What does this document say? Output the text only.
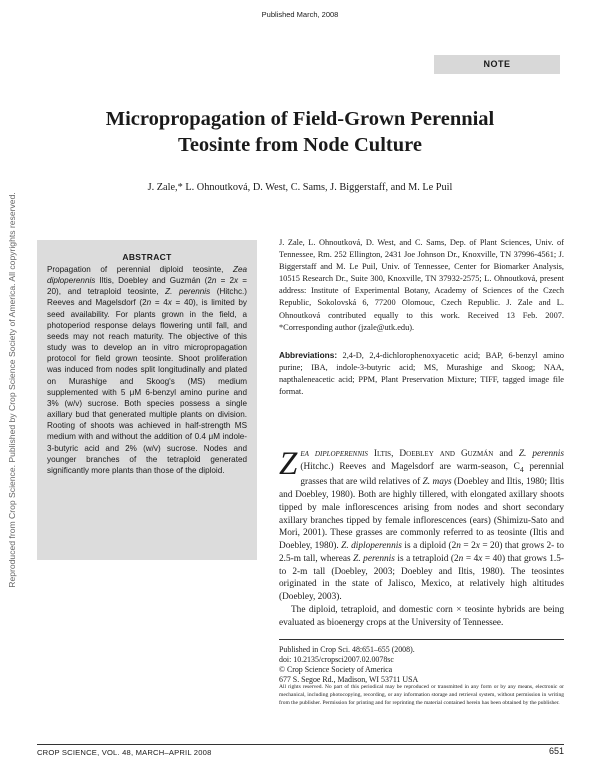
Published March, 2008
NOTE
Reproduced from Crop Science. Published by Crop Science Society of America. All copyrights reserved.
Micropropagation of Field-Grown Perennial
Teosinte from Node Culture
J. Zale,* L. Ohnoutková, D. West, C. Sams, J. Biggerstaff, and M. Le Puil
ABSTRACT
Propagation of perennial diploid teosinte, Zea diploperennis Iltis, Doebley and Guzmán (2n = 2x = 20), and tetraploid teosinte, Z. perennis (Hitchc.) Reeves and Magelsdorf (2n = 4x = 40), is limited by seed availability. For plants grown in the field, a photoperiod response delays flowering until fall, and seeds may not reach maturity. The objective of this study was to develop an in vitro micropropagation protocol for field grown teosinte. Shoot proliferation was induced from nodes split longitudinally and plated on Murashige and Skoog's (MS) medium supplemented with 5 μM 6-benzyl amino purine and 3% (w/v) sucrose. Both species possess a single axillary bud that generated multiple plants on division. Rooting of shoots was achieved in half-strength MS medium with and without the addition of 0.4 μM indole-3-butyric acid and 2% (w/v) sucrose. Nodes and younger branches of the tetraploid generated significantly more plants than those of the diploid.
J. Zale, L. Ohnoutková, D. West, and C. Sams, Dep. of Plant Sciences, Univ. of Tennessee, Rm. 252 Ellington, 2431 Joe Johnson Dr., Knoxville, TN 37996-4561; J. Biggerstaff and M. Le Puil, Univ. of Tennessee, Center for Biomarker Analysis, 10515 Research Dr., Suite 300, Knoxville, TN 37932-2575; L. Ohnoutková, present address: Institute of Experimental Botany, Academy of Sciences of the Czech Republic, Sokolovská 6, 77200 Olomouc, Czech Republic. J. Zale and L. Ohnoutková contributed equally to this work. Received 13 Feb. 2007. *Corresponding author (jzale@utk.edu).
Abbreviations: 2,4-D, 2,4-dichlorophenoxyacetic acid; BAP, 6-benzyl amino purine; IBA, indole-3-butyric acid; MS, Murashige and Skoog; NAA, napthaleneacetic acid; PPM, Plant Preservation Mixture; TIFF, tagged image file format.

Zea diploperennis Iltis, Doebley and Guzmán and Z. perennis (Hitchc.) Reeves and Magelsdorf are warm-season, $C_4$ perennial grasses that are wild relatives of Z. mays (Doebley and Iltis, 1980; Iltis and Doebley, 1980). Both are highly tillered, with elongated axillary shoots tipped by male inflorescences arising from nodes and short secondary axillary branches tipped by female inflorescences (ears) (Shimizu-Sato and Mori, 2001). These grasses are commonly referred to as teosinte (Iltis and Doebley, 1980). Z. diploperennis is a diploid (2n = 2x = 20) that grows 2- to 2.5-m tall, whereas Z. perennis is a tetraploid (2n = 4x = 40) that grows 1.5- to 2-m tall (Doebley, 2003; Doebley and Iltis, 1980). The teosintes originated in the state of Jalisco, Mexico, at relatively high altitudes (Doebley, 2003).

The diploid, tetraploid, and domestic corn × teosinte hybrids are being evaluated as bioenergy crops at the University of Tennessee.

Published in Crop Sci. 48:651–655 (2008).
doi: 10.2135/cropsci2007.02.0078sc
© Crop Science Society of America
677 S. Segoe Rd., Madison, WI 53711 USA
All rights reserved. No part of this periodical may be reproduced or transmitted in any form or by any means, electronic or mechanical, including photocopying, recording, or any information storage and retrieval system, without permission in writing from the publisher. Permission for printing and for reprinting the material contained herein has been obtained by the publisher.
CROP SCIENCE, VOL. 48, MARCH–APRIL 2008	651
